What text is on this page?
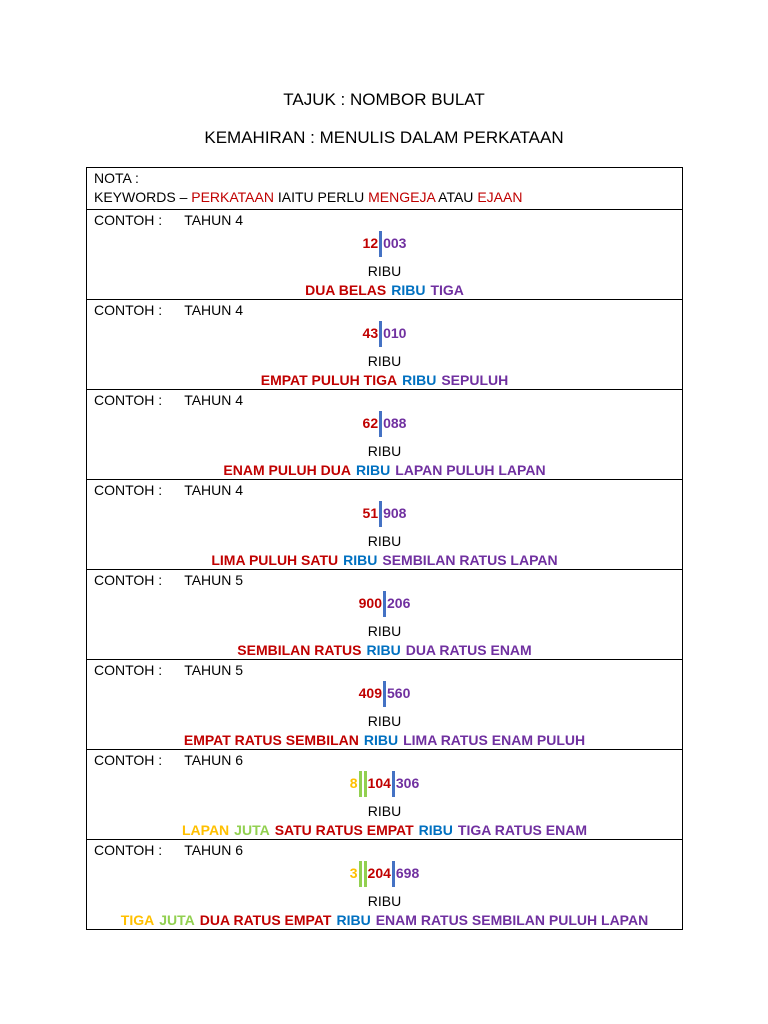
TAJUK : NOMBOR BULAT
KEMAHIRAN : MENULIS DALAM PERKATAAN
NOTA :
KEYWORDS – PERKATAAN IAITU PERLU MENGEJA ATAU EJAAN

CONTOH : TAHUN 4
12 003
RIBU
DUA BELAS RIBU TIGA

CONTOH : TAHUN 4
43 010
RIBU
EMPAT PULUH TIGA RIBU SEPULUH

CONTOH : TAHUN 4
62 088
RIBU
ENAM PULUH DUA RIBU LAPAN PULUH LAPAN

CONTOH : TAHUN 4
51 908
RIBU
LIMA PULUH SATU RIBU SEMBILAN RATUS LAPAN

CONTOH : TAHUN 5
900 206
RIBU
SEMBILAN RATUS RIBU DUA RATUS ENAM

CONTOH : TAHUN 5
409 560
RIBU
EMPAT RATUS SEMBILAN RIBU LIMA RATUS ENAM PULUH

CONTOH : TAHUN 6
8 104 306
RIBU
LAPAN JUTA SATU RATUS EMPAT RIBU TIGA RATUS ENAM

CONTOH : TAHUN 6
3 204 698
RIBU
TIGA JUTA DUA RATUS EMPAT RIBU ENAM RATUS SEMBILAN PULUH LAPAN
